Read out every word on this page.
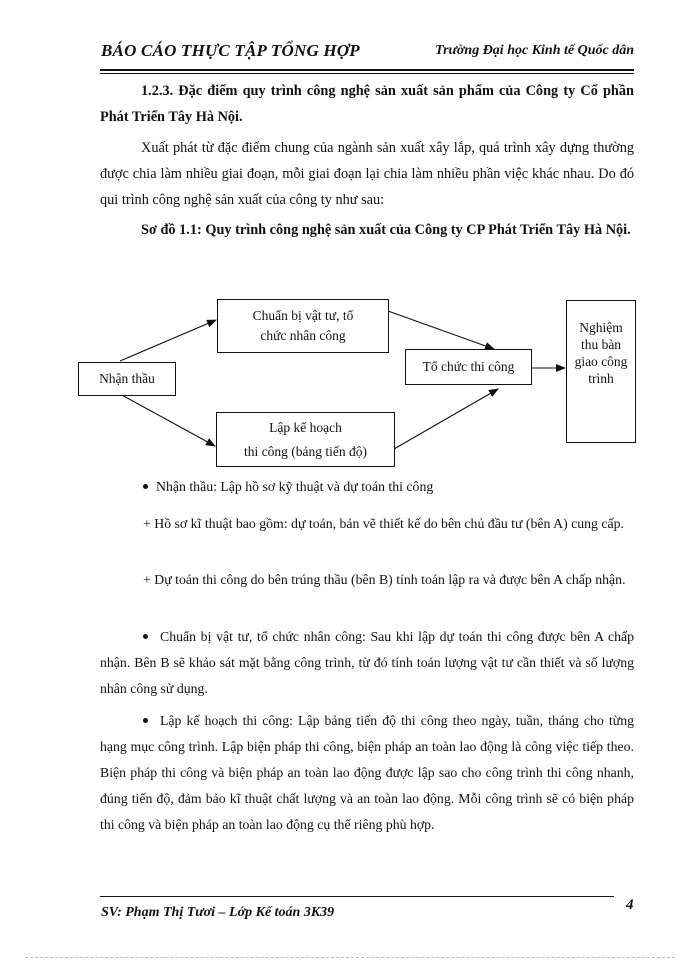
BÁO CÁO THỰC TẬP TỔNG HỢP	Trường Đại học Kinh tế Quốc dân

1.2.3. Đặc điểm quy trình công nghệ sản xuất sản phẩm của Công ty Cổ phần Phát Triển Tây Hà Nội.

Xuất phát từ đặc điểm chung của ngành sản xuất xây lắp, quá trình xây dựng thường được chia làm nhiều giai đoạn, mỗi giai đoạn lại chia làm nhiều phần việc khác nhau. Do đó qui trình công nghệ sản xuất của công ty như sau:

Sơ đồ 1.1: Quy trình công nghệ sản xuất của Công ty CP Phát Triển Tây Hà Nội.

Nhận thầu
Chuẩn bị vật tư, tổ chức nhân công
Lập kế hoạch
thi công (bảng tiến độ)
Tổ chức thi công
Nghiệm thu bàn giao công trình

Nhận thầu: Lập hồ sơ kỹ thuật và dự toán thi công

+ Hồ sơ kĩ thuật bao gồm: dự toán, bản vẽ thiết kế do bên chủ đầu tư (bên A) cung cấp.

+ Dự toán thi công do bên trúng thầu (bên B) tính toán lập ra và được bên A chấp nhận.

Chuẩn bị vật tư, tổ chức nhân công: Sau khi lập dự toán thi công được bên A chấp nhận. Bên B sẽ khảo sát mặt bằng công trình, từ đó tính toán lượng vật tư cần thiết và số lượng nhân công sử dụng.

Lập kế hoạch thi công: Lập bảng tiến độ thi công theo ngày, tuần, tháng cho từng hạng mục công trình. Lập biện pháp thi công, biện pháp an toàn lao động là công việc tiếp theo. Biện pháp thi công và biện pháp an toàn lao động được lập sao cho công trình thi công nhanh, đúng tiến độ, đảm bảo kĩ thuật chất lượng và an toàn lao động. Mỗi công trình sẽ có biện pháp thi công và biện pháp an toàn lao động cụ thể riêng phù hợp.

SV: Phạm Thị Tươi – Lớp Kế toán 3K39	4
